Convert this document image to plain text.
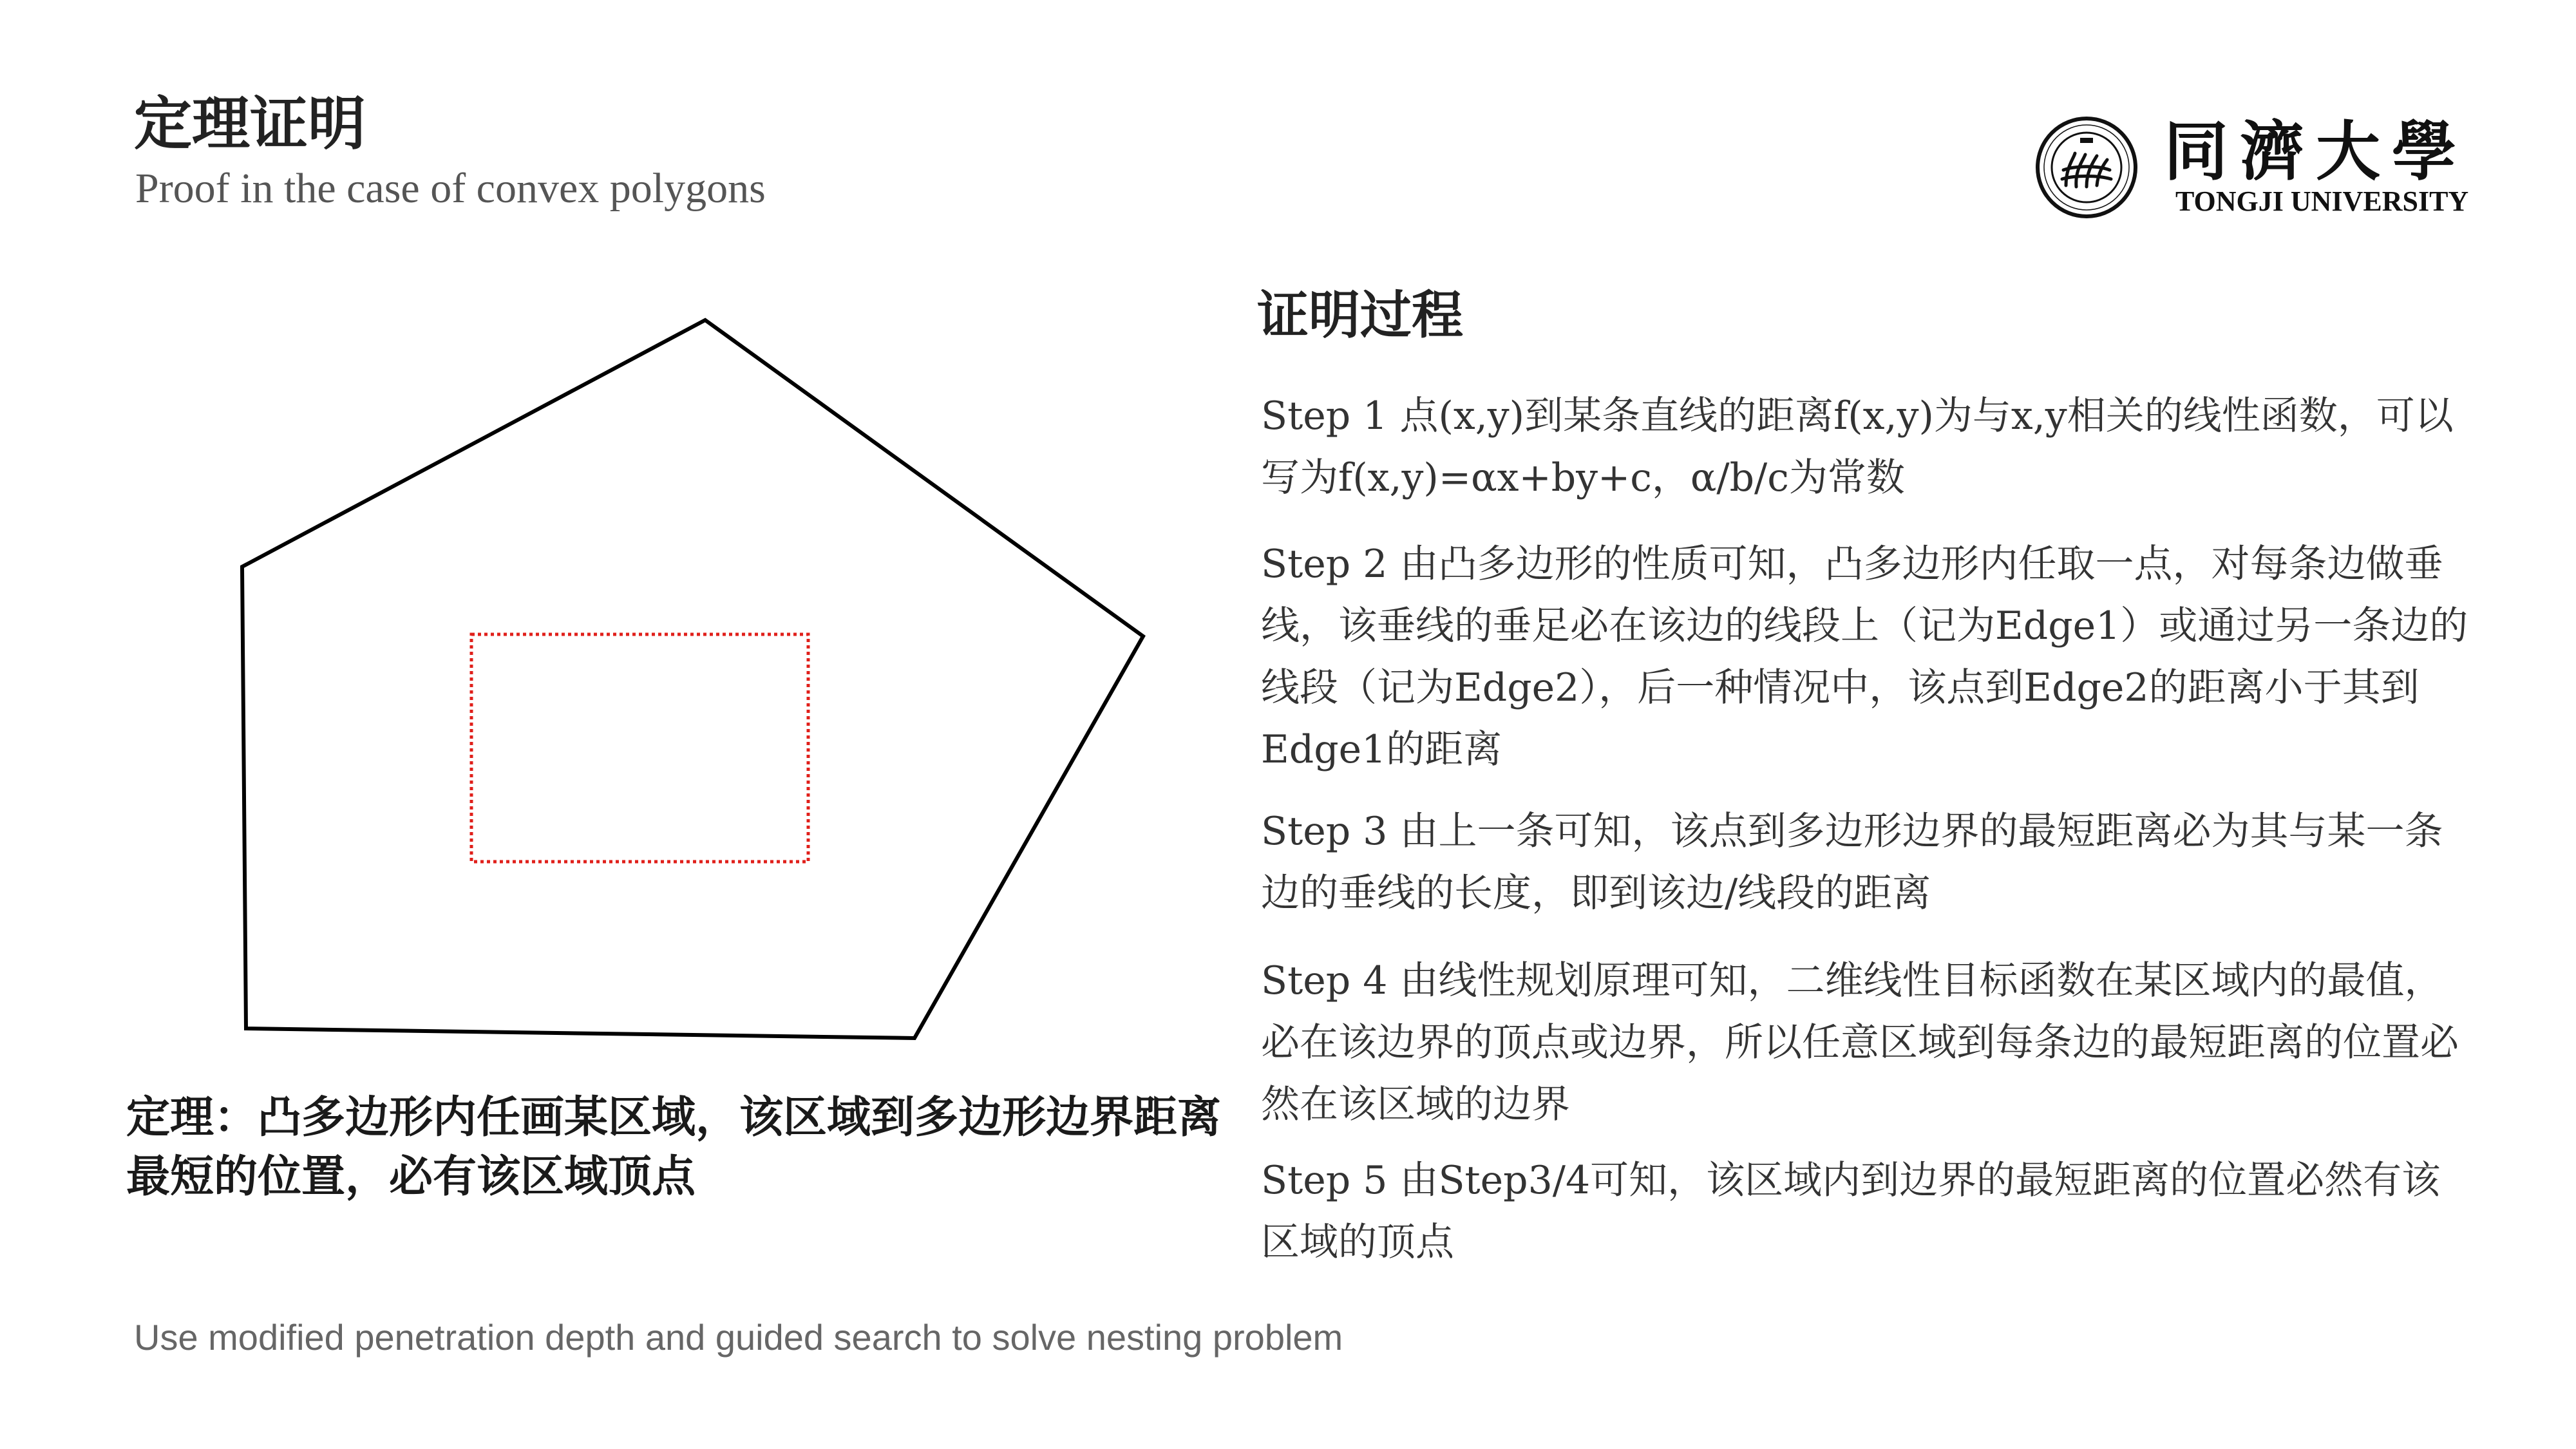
定理证明
Proof in the case of convex polygons	同濟大學
TONGJI UNIVERSITY
定理：凸多边形内任画某区域，该区域到多边形边界距离最短的位置，必有该区域顶点
证明过程
Step 1 点(x,y)到某条直线的距离f(x,y)为与x,y相关的线性函数，可以写为f(x,y)=αx+by+c，α/b/c为常数
Step 2 由凸多边形的性质可知，凸多边形内任取一点，对每条边做垂线，该垂线的垂足必在该边的线段上（记为Edge1）或通过另一条边的线段（记为Edge2），后一种情况中，该点到Edge2的距离小于其到Edge1的距离
Step 3 由上一条可知，该点到多边形边界的最短距离必为其与某一条边的垂线的长度，即到该边/线段的距离
Step 4 由线性规划原理可知，二维线性目标函数在某区域内的最值，必在该边界的顶点或边界，所以任意区域到每条边的最短距离的位置必然在该区域的边界
Step 5 由Step3/4可知，该区域内到边界的最短距离的位置必然有该区域的顶点
Use modified penetration depth and guided search to solve nesting problem
